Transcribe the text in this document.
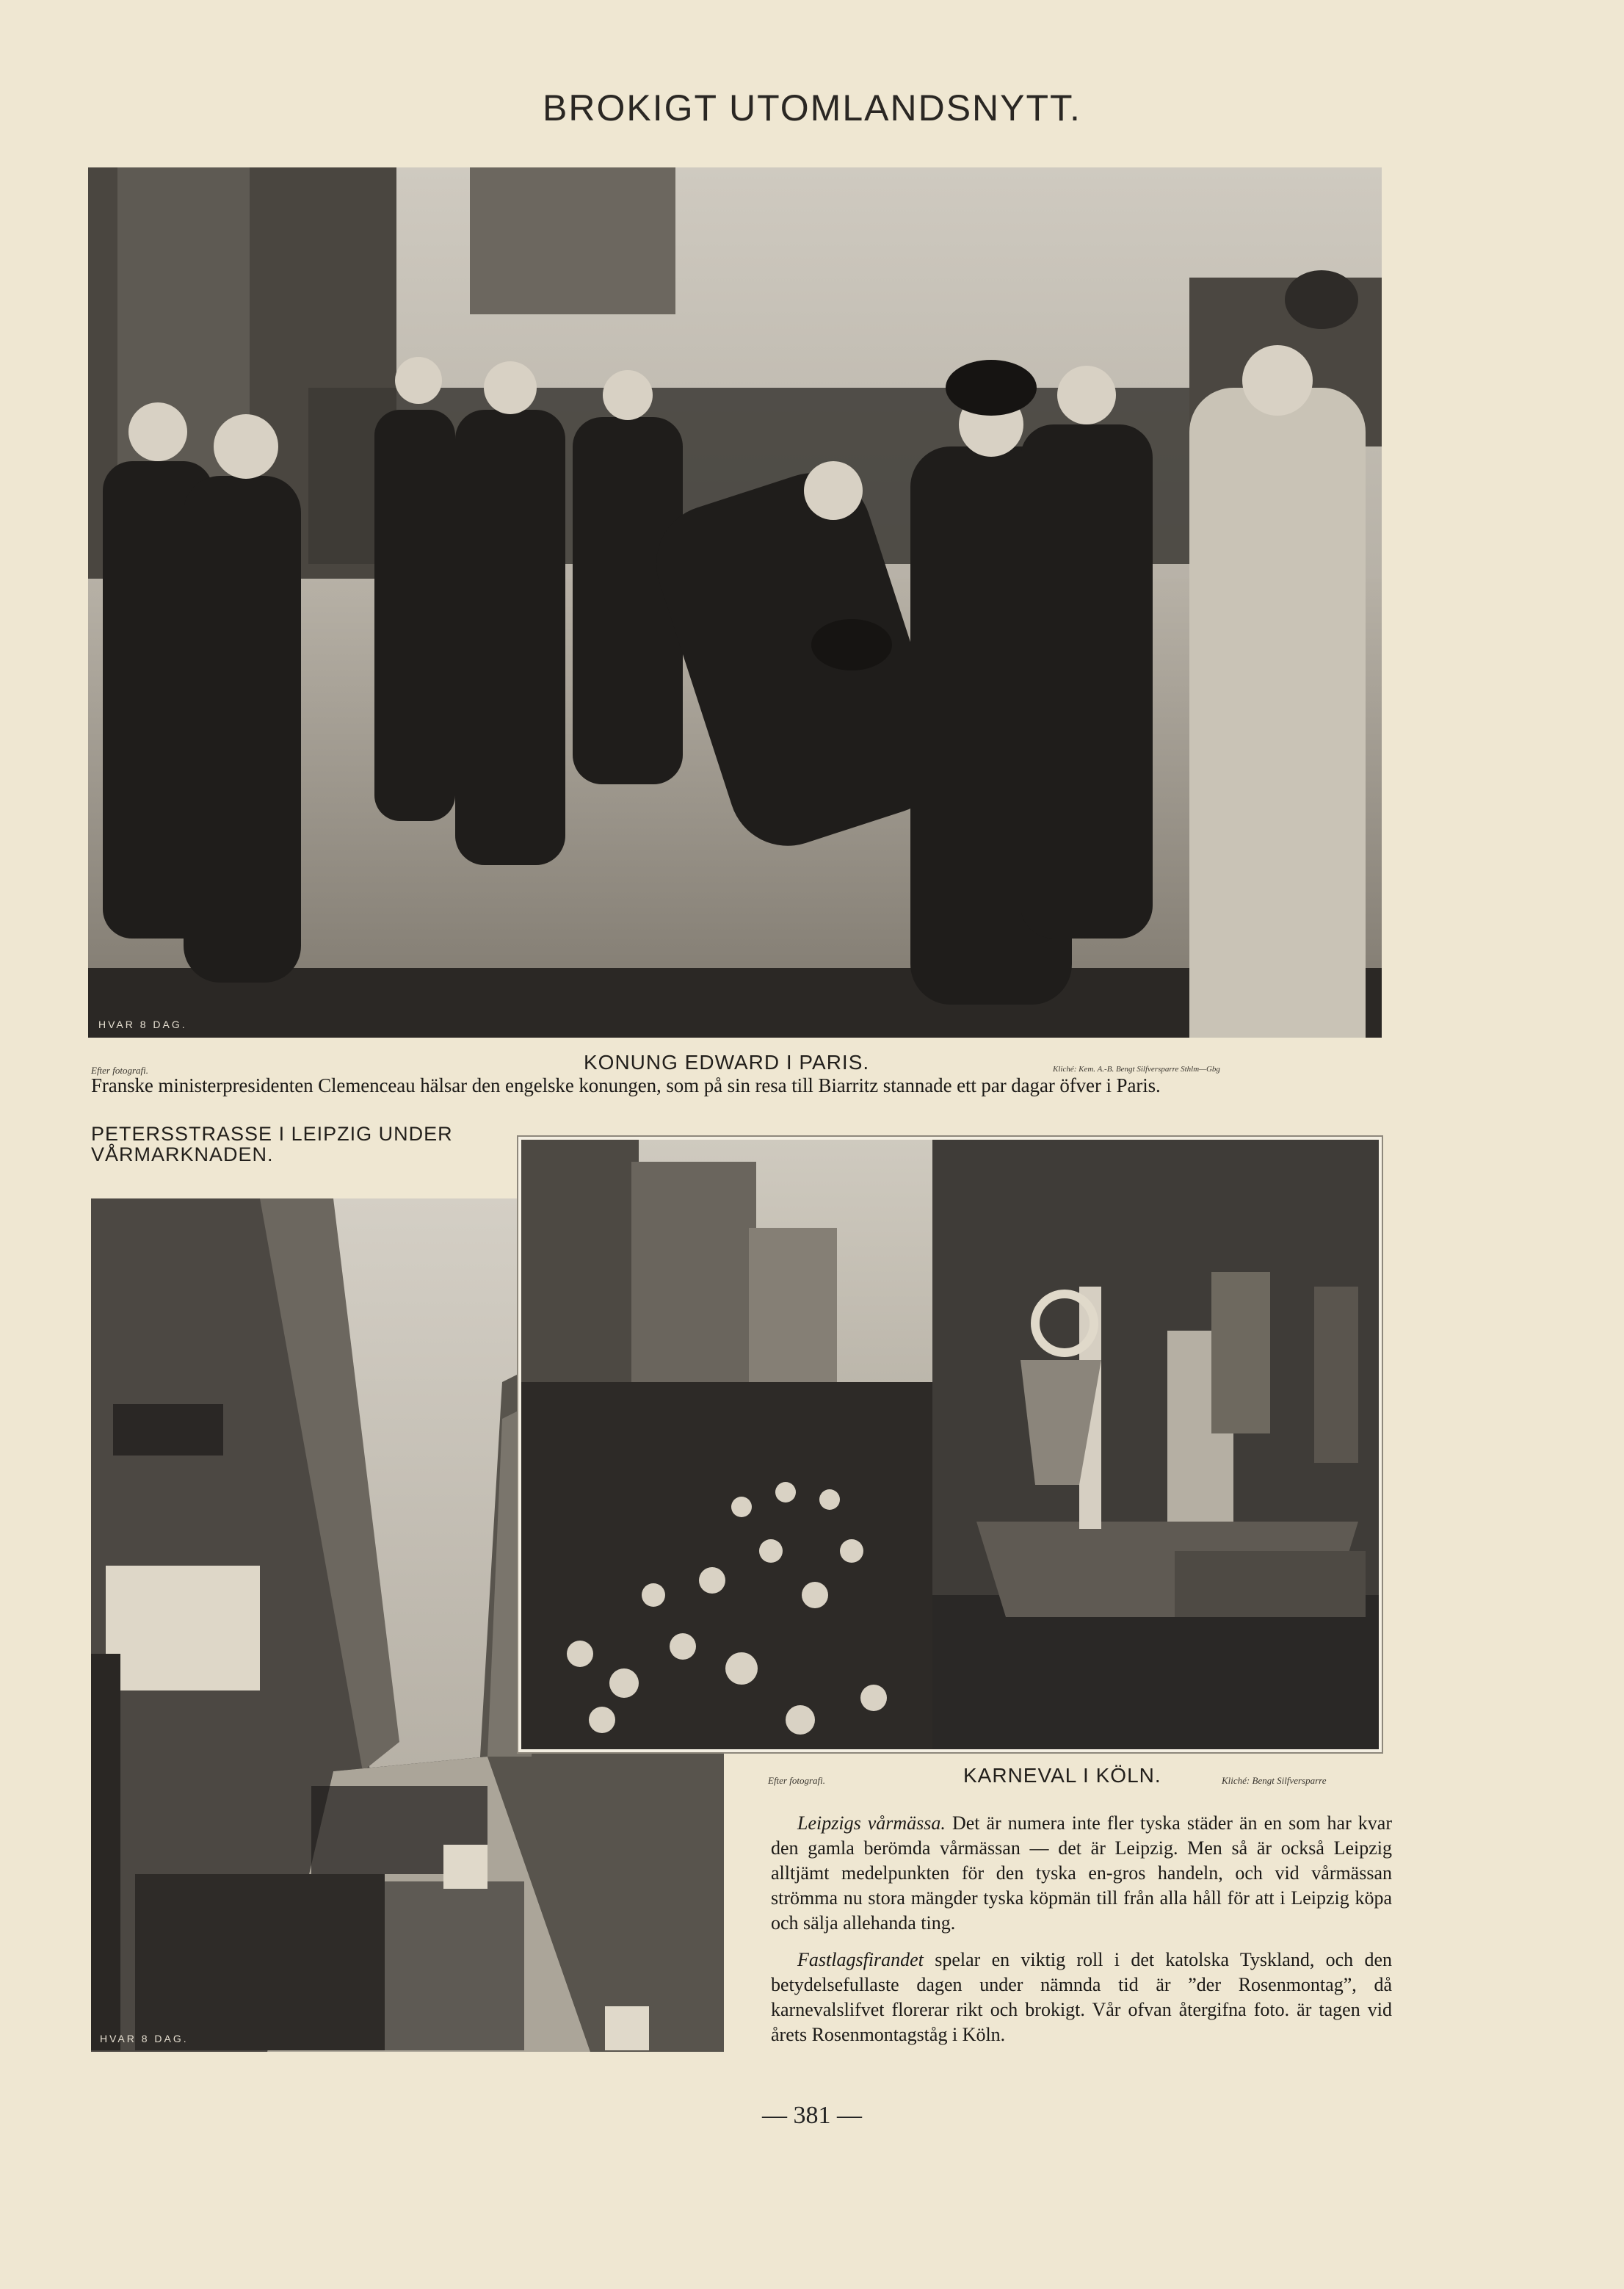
BROKIGT UTOMLANDSNYTT.
HVAR 8 DAG.
Efter fotografi.	KONUNG EDWARD I PARIS.	Kliché: Kem. A.-B. Bengt Silfversparre Sthlm—Gbg
Franske ministerpresidenten Clemenceau hälsar den engelske konungen, som på sin resa till Biarritz stannade ett par dagar öfver i Paris.
PETERSSTRASSE I LEIPZIG UNDER VÅRMARKNADEN.
HVAR 8 DAG.
Efter fotografi.	KARNEVAL I KÖLN.	Kliché: Bengt Silfversparre

Leipzigs vårmässa. Det är numera inte fler tyska städer än en som har kvar den gamla berömda vårmässan — det är Leipzig. Men så är också Leipzig alltjämt medelpunkten för den tyska en-gros handeln, och vid vårmässan strömma nu stora mängder tyska köpmän till från alla håll för att i Leipzig köpa och sälja allehanda ting.

Fastlagsfirandet spelar en viktig roll i det katolska Tyskland, och den betydelsefullaste dagen under nämnda tid är ”der Rosenmontag”, då karnevalslifvet florerar rikt och brokigt. Vår ofvan återgifna foto. är tagen vid årets Rosenmontagståg i Köln.

— 381 —
